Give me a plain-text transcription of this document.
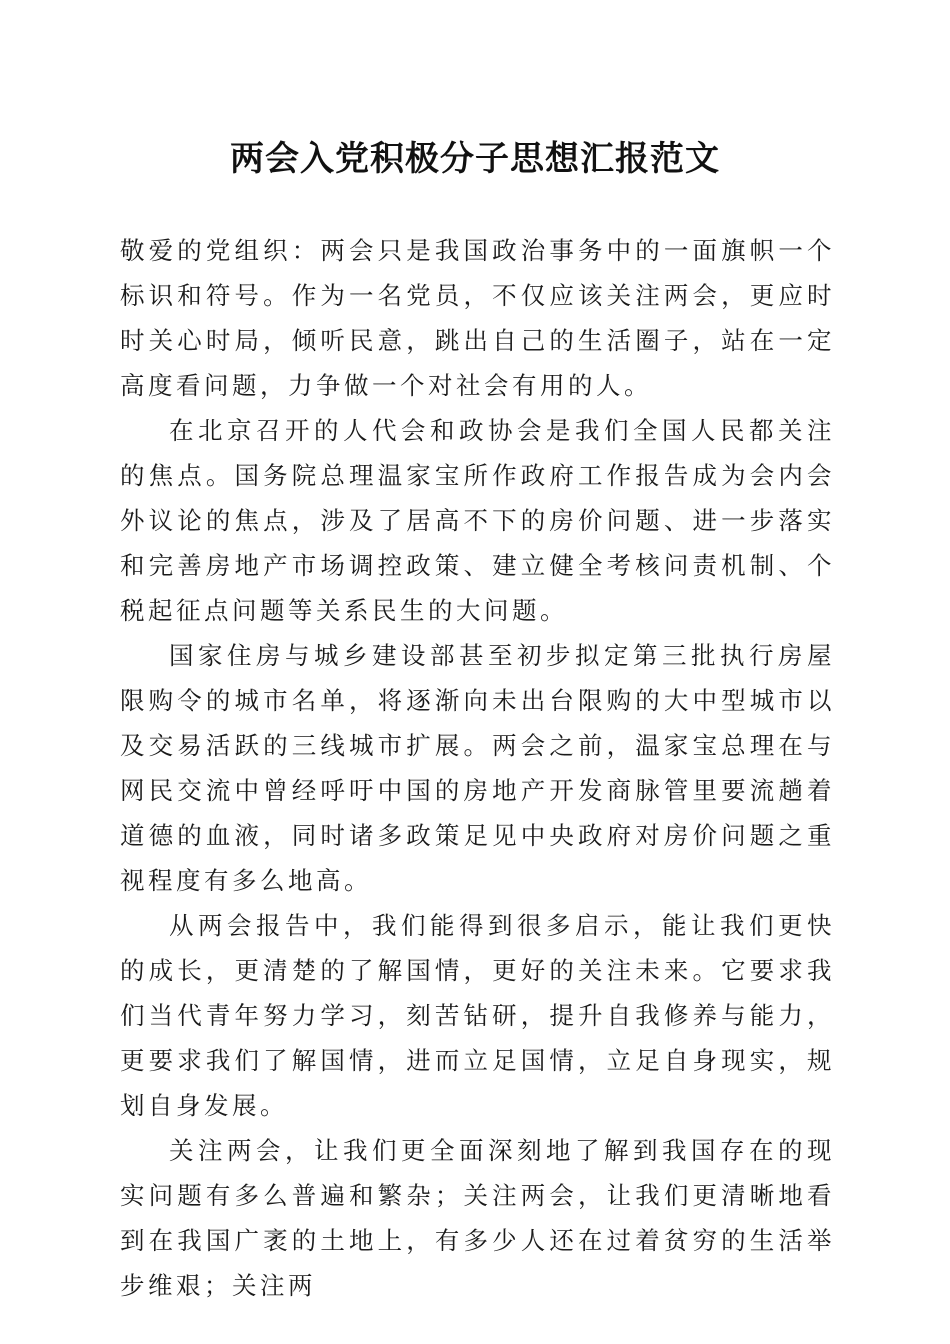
两会入党积极分子思想汇报范文

敬爱的党组织：两会只是我国政治事务中的一面旗帜一个标识和符号。作为一名党员，不仅应该关注两会，更应时时关心时局，倾听民意，跳出自己的生活圈子，站在一定高度看问题，力争做一个对社会有用的人。

在北京召开的人代会和政协会是我们全国人民都关注的焦点。国务院总理温家宝所作政府工作报告成为会内会外议论的焦点，涉及了居高不下的房价问题、进一步落实和完善房地产市场调控政策、建立健全考核问责机制、个税起征点问题等关系民生的大问题。

国家住房与城乡建设部甚至初步拟定第三批执行房屋限购令的城市名单，将逐渐向未出台限购的大中型城市以及交易活跃的三线城市扩展。两会之前，温家宝总理在与网民交流中曾经呼吁中国的房地产开发商脉管里要流趟着道德的血液，同时诸多政策足见中央政府对房价问题之重视程度有多么地高。

从两会报告中，我们能得到很多启示，能让我们更快的成长，更清楚的了解国情，更好的关注未来。它要求我们当代青年努力学习，刻苦钻研，提升自我修养与能力，更要求我们了解国情，进而立足国情，立足自身现实，规划自身发展。

关注两会，让我们更全面深刻地了解到我国存在的现实问题有多么普遍和繁杂；关注两会，让我们更清晰地看到在我国广袤的土地上，有多少人还在过着贫穷的生活举步维艰；关注两
